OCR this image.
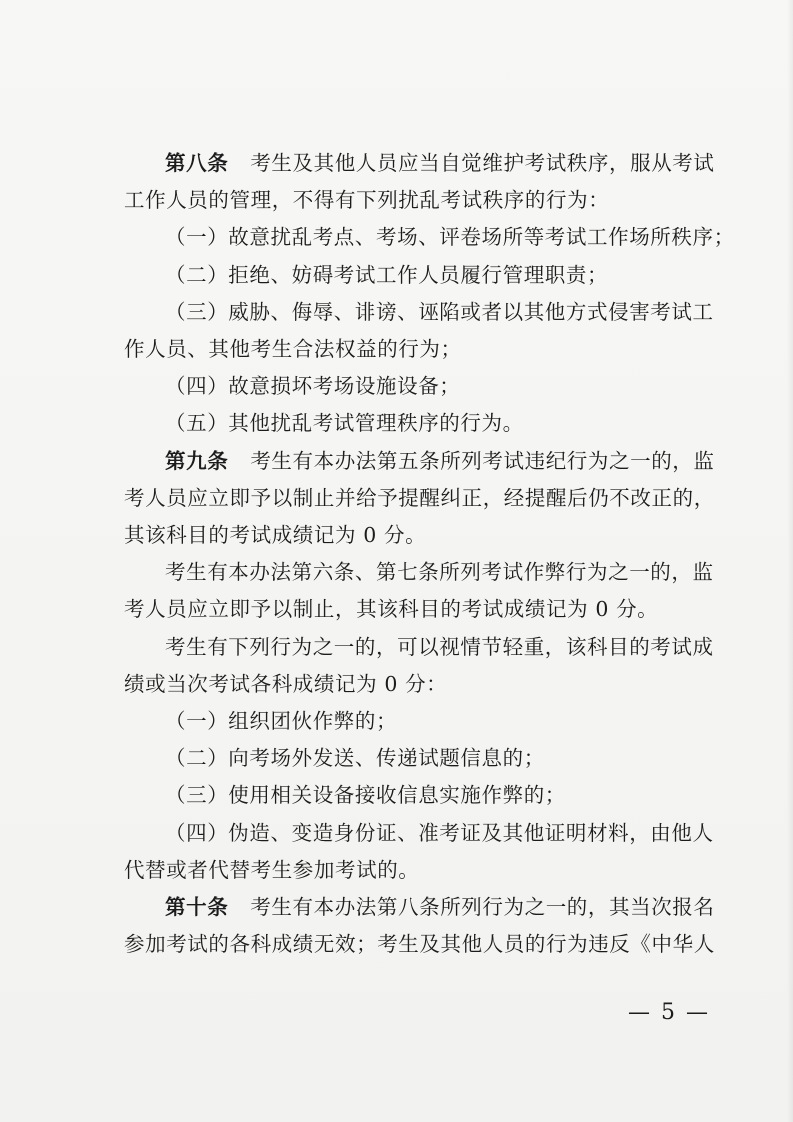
第八条 考生及其他人员应当自觉维护考试秩序，服从考试
工作人员的管理，不得有下列扰乱考试秩序的行为：
（一）故意扰乱考点、考场、评卷场所等考试工作场所秩序；
（二）拒绝、妨碍考试工作人员履行管理职责；
（三）威胁、侮辱、诽谤、诬陷或者以其他方式侵害考试工
作人员、其他考生合法权益的行为；
（四）故意损坏考场设施设备；
（五）其他扰乱考试管理秩序的行为。
第九条 考生有本办法第五条所列考试违纪行为之一的，监
考人员应立即予以制止并给予提醒纠正，经提醒后仍不改正的，
其该科目的考试成绩记为 0 分。
考生有本办法第六条、第七条所列考试作弊行为之一的，监
考人员应立即予以制止，其该科目的考试成绩记为 0 分。
考生有下列行为之一的，可以视情节轻重，该科目的考试成
绩或当次考试各科成绩记为 0 分：
（一）组织团伙作弊的；
（二）向考场外发送、传递试题信息的；
（三）使用相关设备接收信息实施作弊的；
（四）伪造、变造身份证、准考证及其他证明材料，由他人
代替或者代替考生参加考试的。
第十条 考生有本办法第八条所列行为之一的，其当次报名
参加考试的各科成绩无效；考生及其他人员的行为违反《中华人
— 5 —
